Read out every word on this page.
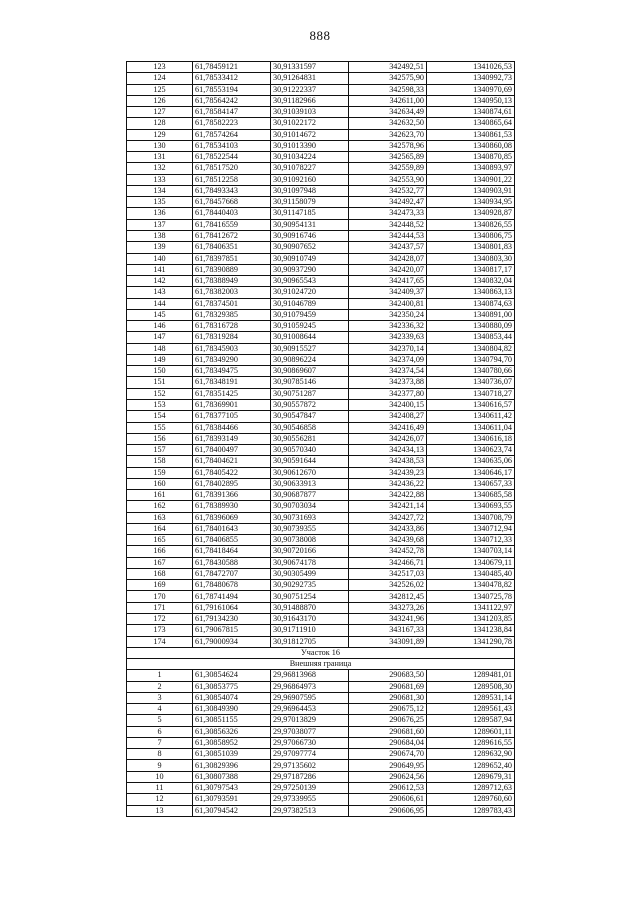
888
123	61,78459121	30,91331597	342492,51	1341026,53
124	61,78533412	30,91264831	342575,90	1340992,73
125	61,78553194	30,91222337	342598,33	1340970,69
126	61,78564242	30,91182966	342611,00	1340950,13
127	61,78584147	30,91039103	342634,49	1340874,61
128	61,78582223	30,91022172	342632,50	1340865,64
129	61,78574264	30,91014672	342623,70	1340861,53
130	61,78534103	30,91013390	342578,96	1340860,08
131	61,78522544	30,91034224	342565,89	1340870,85
132	61,78517520	30,91078227	342559,89	1340893,97
133	61,78512258	30,91092160	342553,90	1340901,22
134	61,78493343	30,91097948	342532,77	1340903,91
135	61,78457668	30,91158079	342492,47	1340934,95
136	61,78440403	30,91147185	342473,33	1340928,87
137	61,78416559	30,90954131	342448,52	1340826,55
138	61,78412672	30,90916746	342444,53	1340806,75
139	61,78406351	30,90907652	342437,57	1340801,83
140	61,78397851	30,90910749	342428,07	1340803,30
141	61,78390889	30,90937290	342420,07	1340817,17
142	61,78388949	30,90965543	342417,65	1340832,04
143	61,78382003	30,91024720	342409,37	1340863,13
144	61,78374501	30,91046789	342400,81	1340874,63
145	61,78329385	30,91079459	342350,24	1340891,00
146	61,78316728	30,91059245	342336,32	1340880,09
147	61,78319284	30,91008644	342339,63	1340853,44
148	61,78345903	30,90915527	342370,14	1340804,82
149	61,78349290	30,90896224	342374,09	1340794,70
150	61,78349475	30,90869607	342374,54	1340780,66
151	61,78348191	30,90785146	342373,88	1340736,07
152	61,78351425	30,90751287	342377,80	1340718,27
153	61,78369901	30,90557872	342400,15	1340616,57
154	61,78377105	30,90547847	342408,27	1340611,42
155	61,78384466	30,90546858	342416,49	1340611,04
156	61,78393149	30,90556281	342426,07	1340616,18
157	61,78400497	30,90570340	342434,13	1340623,74
158	61,78404621	30,90591644	342438,53	1340635,06
159	61,78405422	30,90612670	342439,23	1340646,17
160	61,78402895	30,90633913	342436,22	1340657,33
161	61,78391366	30,90687877	342422,88	1340685,58
162	61,78389930	30,90703034	342421,14	1340693,55
163	61,78396069	30,90731693	342427,72	1340708,79
164	61,78401643	30,90739355	342433,86	1340712,94
165	61,78406855	30,90738008	342439,68	1340712,33
166	61,78418464	30,90720166	342452,78	1340703,14
167	61,78430588	30,90674178	342466,71	1340679,11
168	61,78472707	30,90305499	342517,03	1340485,40
169	61,78480678	30,90292735	342526,02	1340478,82
170	61,78741494	30,90751254	342812,45	1340725,78
171	61,79161064	30,91488870	343273,26	1341122,97
172	61,79134230	30,91643170	343241,96	1341203,85
173	61,79067815	30,91711910	343167,33	1341238,84
174	61,79000934	30,91812705	343091,89	1341290,78
Участок 16				
Внешняя граница				
1	61,30854624	29,96813968	290683,50	1289481,01
2	61,30853775	29,96864973	290681,69	1289508,30
3	61,30854074	29,96907595	290681,30	1289531,14
4	61,30849390	29,96964453	290675,12	1289561,43
5	61,30851155	29,97013829	290676,25	1289587,94
6	61,30856326	29,97038077	290681,60	1289601,11
7	61,30858952	29,97066730	290684,04	1289616,55
8	61,30851039	29,97097774	290674,70	1289632,90
9	61,30829396	29,97135602	290649,95	1289652,40
10	61,30807388	29,97187286	290624,56	1289679,31
11	61,30797543	29,97250139	290612,53	1289712,63
12	61,30793591	29,97339955	290606,61	1289760,60
13	61,30794542	29,97382513	290606,95	1289783,43
